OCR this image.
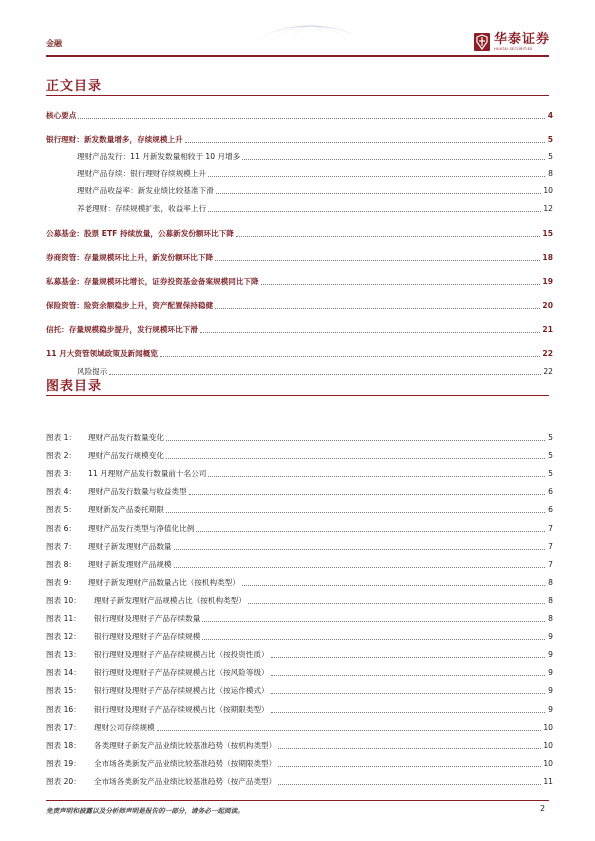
金融	华泰证券
HUATAI SECURITIES
正文目录
核心要点	4
银行理财：新发数量增多，存续规模上升	5
理财产品发行：11 月新发数量相较于 10 月增多	5
理财产品存续：银行理财存续规模上升	8
理财产品收益率：新发业绩比较基准下滑	10
养老理财：存续规模扩张，收益率上行	12
公募基金：股票 ETF 持续放量，公募新发份额环比下降	15
券商资管：存量规模环比上升，新发份额环比下降	18
私募基金：存量规模环比增长，证券投资基金备案规模同比下降	19
保险资管：险资余额稳步上升，资产配置保持稳健	20
信托：存量规模稳步提升，发行规模环比下滑	21
11 月大资管领域政策及新闻概览	22
风险提示	22
图表目录
图表 1：	理财产品发行数量变化	5
图表 2：	理财产品发行规模变化	5
图表 3：	11 月理财产品发行数量前十名公司	5
图表 4：	理财产品发行数量与收益类型	6
图表 5：	理财新发产品委托期限	6
图表 6：	理财产品发行类型与净值化比例	7
图表 7：	理财子新发理财产品数量	7
图表 8：	理财子新发理财产品规模	7
图表 9：	理财子新发理财产品数量占比（按机构类型）	8
图表 10：	理财子新发理财产品规模占比（按机构类型）	8
图表 11：	银行理财及理财子产品存续数量	8
图表 12：	银行理财及理财子产品存续规模	9
图表 13：	银行理财及理财子产品存续规模占比（按投资性质）	9
图表 14：	银行理财及理财子产品存续规模占比（按风险等级）	9
图表 15：	银行理财及理财子产品存续规模占比（按运作模式）	9
图表 16：	银行理财及理财子产品存续规模占比（按期限类型）	9
图表 17：	理财公司存续规模	10
图表 18：	各类理财子新发产品业绩比较基准趋势（按机构类型）	10
图表 19：	全市场各类新发产品业绩比较基准趋势（按期限类型）	10
图表 20：	全市场各类新发产品业绩比较基准趋势（按产品类型）	11
免责声明和披露以及分析师声明是报告的一部分，请务必一起阅读。	2
